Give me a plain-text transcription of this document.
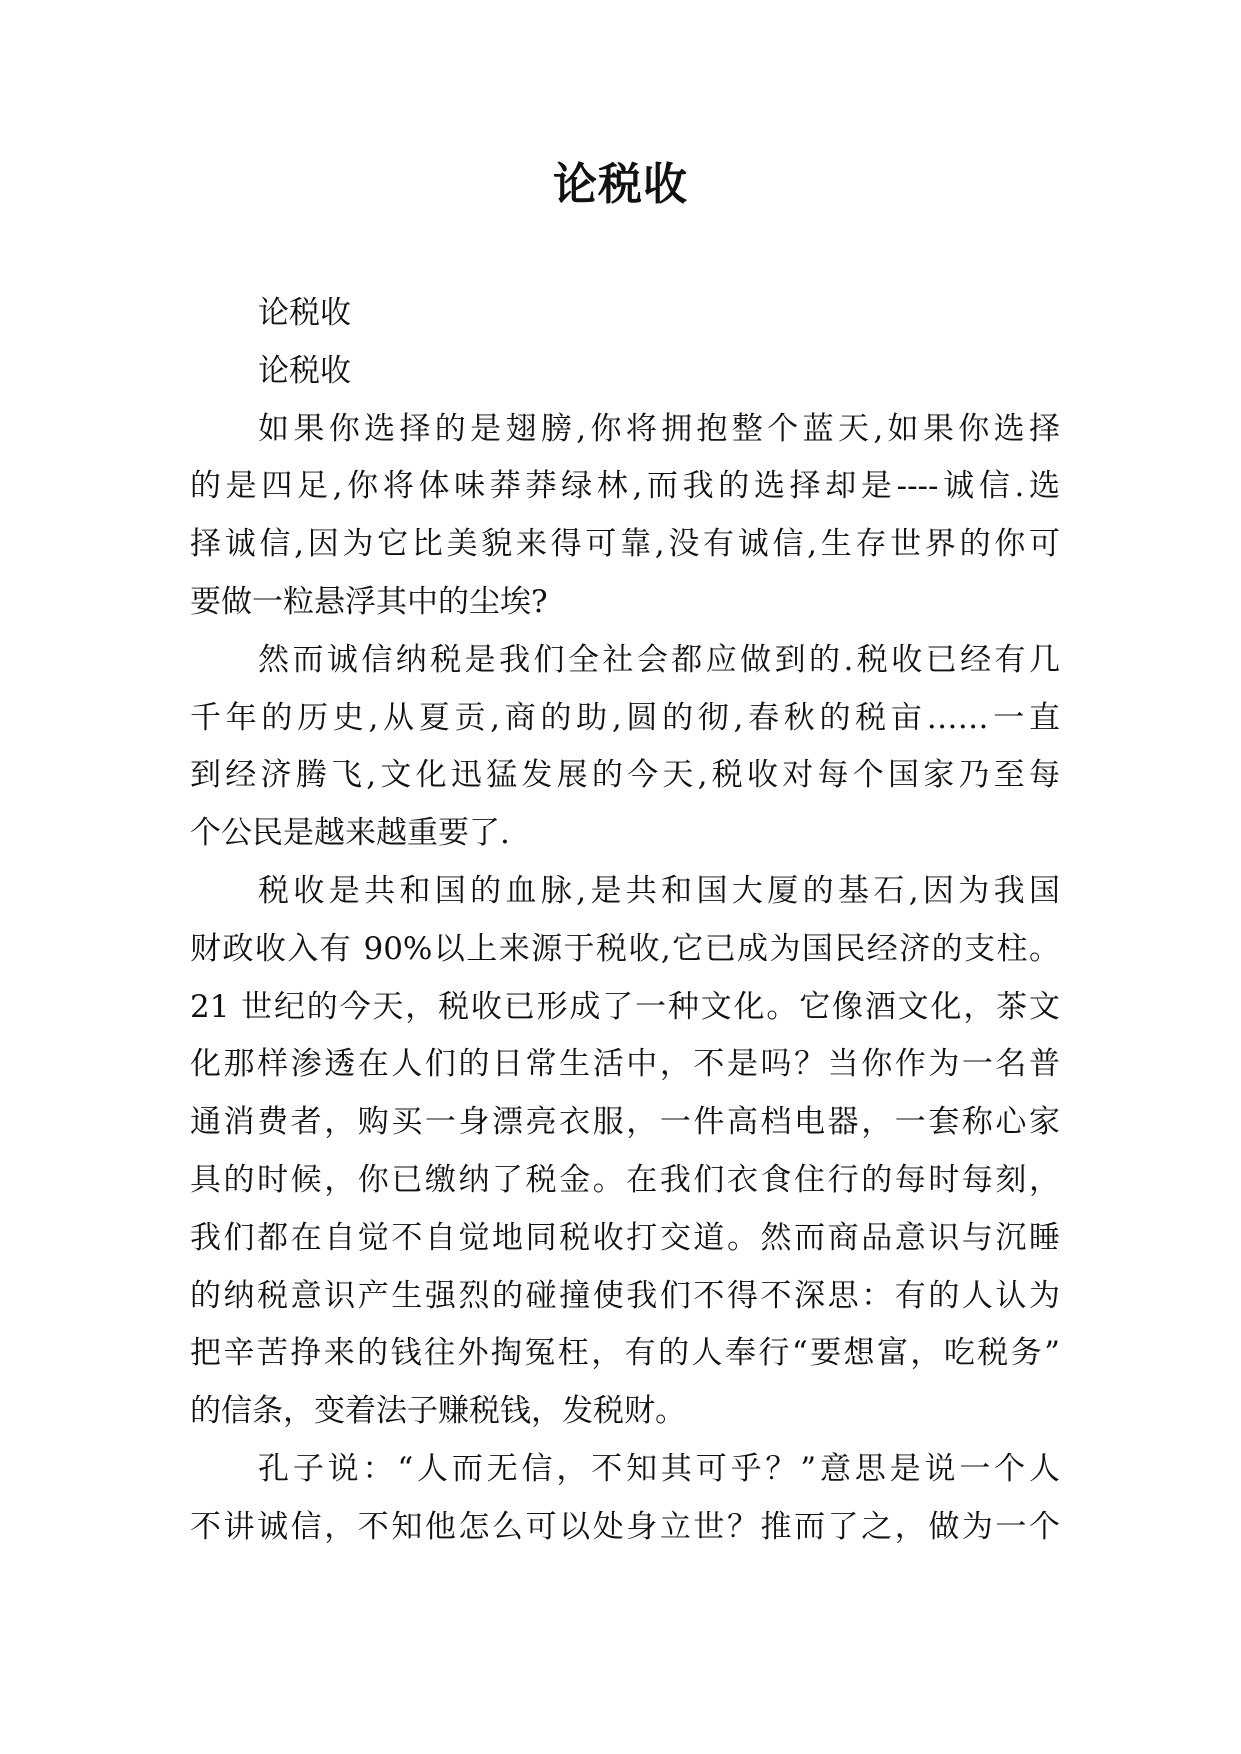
论税收
论税收
论税收
如果你选择的是翅膀,你将拥抱整个蓝天,如果你选择
的是四足,你将体味莽莽绿林,而我的选择却是----诚信.选
择诚信,因为它比美貌来得可靠,没有诚信,生存世界的你可
要做一粒悬浮其中的尘埃?
然而诚信纳税是我们全社会都应做到的.税收已经有几
千年的历史,从夏贡,商的助,圆的彻,春秋的税亩……一直
到经济腾飞,文化迅猛发展的今天,税收对每个国家乃至每
个公民是越来越重要了.
税收是共和国的血脉,是共和国大厦的基石,因为我国
财政收入有 90%以上来源于税收,它已成为国民经济的支柱。
21 世纪的今天，税收已形成了一种文化。它像酒文化，茶文
化那样渗透在人们的日常生活中，不是吗？当你作为一名普
通消费者，购买一身漂亮衣服，一件高档电器，一套称心家
具的时候，你已缴纳了税金。在我们衣食住行的每时每刻，
我们都在自觉不自觉地同税收打交道。然而商品意识与沉睡
的纳税意识产生强烈的碰撞使我们不得不深思：有的人认为
把辛苦挣来的钱往外掏冤枉，有的人奉行“要想富，吃税务”
的信条，变着法子赚税钱，发税财。
孔子说：“人而无信，不知其可乎？”意思是说一个人
不讲诚信，不知他怎么可以处身立世？推而了之，做为一个
